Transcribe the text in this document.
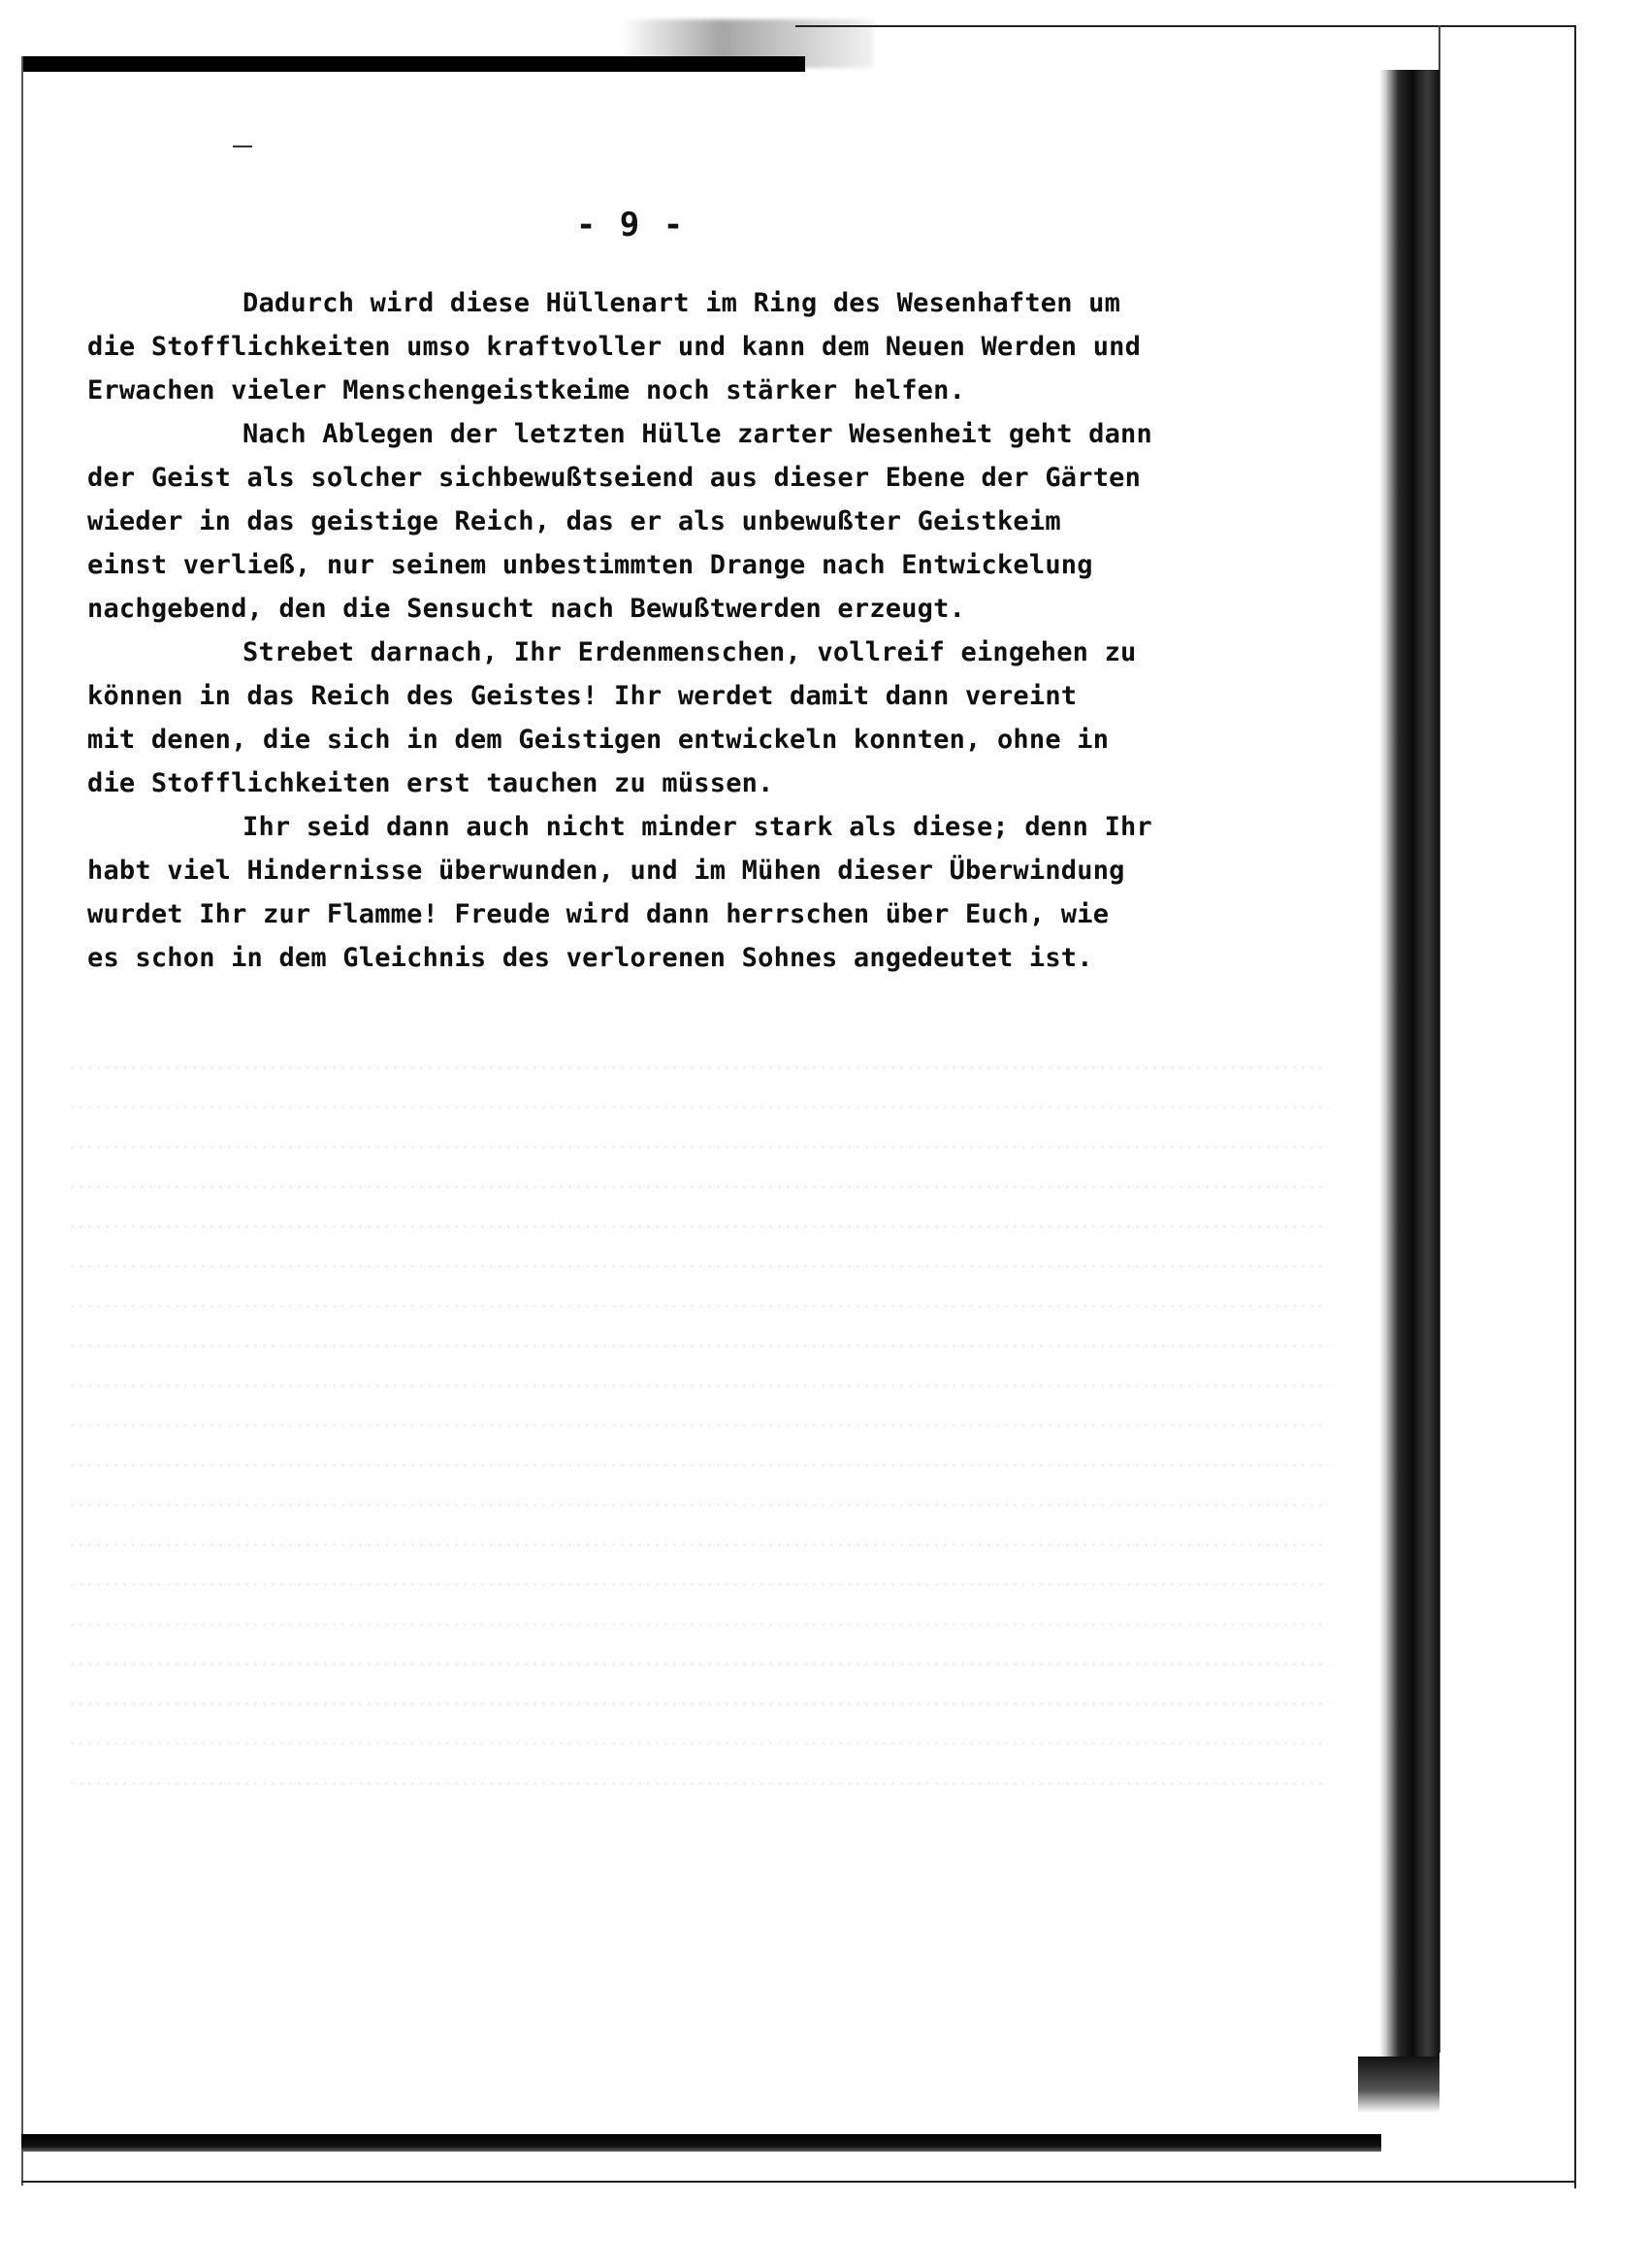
- 9 -
Dadurch wird diese Hüllenart im Ring des Wesenhaften um
die Stofflichkeiten umso kraftvoller und kann dem Neuen Werden und
Erwachen vieler Menschengeistkeime noch stärker helfen.
Nach Ablegen der letzten Hülle zarter Wesenheit geht dann
der Geist als solcher sichbewußtseiend aus dieser Ebene der Gärten
wieder in das geistige Reich, das er als unbewußter Geistkeim
einst verließ, nur seinem unbestimmten Drange nach Entwickelung
nachgebend, den die Sensucht nach Bewußtwerden erzeugt.
Strebet darnach, Ihr Erdenmenschen, vollreif eingehen zu
können in das Reich des Geistes! Ihr werdet damit dann vereint
mit denen, die sich in dem Geistigen entwickeln konnten, ohne in
die Stofflichkeiten erst tauchen zu müssen.
Ihr seid dann auch nicht minder stark als diese; denn Ihr
habt viel Hindernisse überwunden, und im Mühen dieser Überwindung
wurdet Ihr zur Flamme! Freude wird dann herrschen über Euch, wie
es schon in dem Gleichnis des verlorenen Sohnes angedeutet ist.
